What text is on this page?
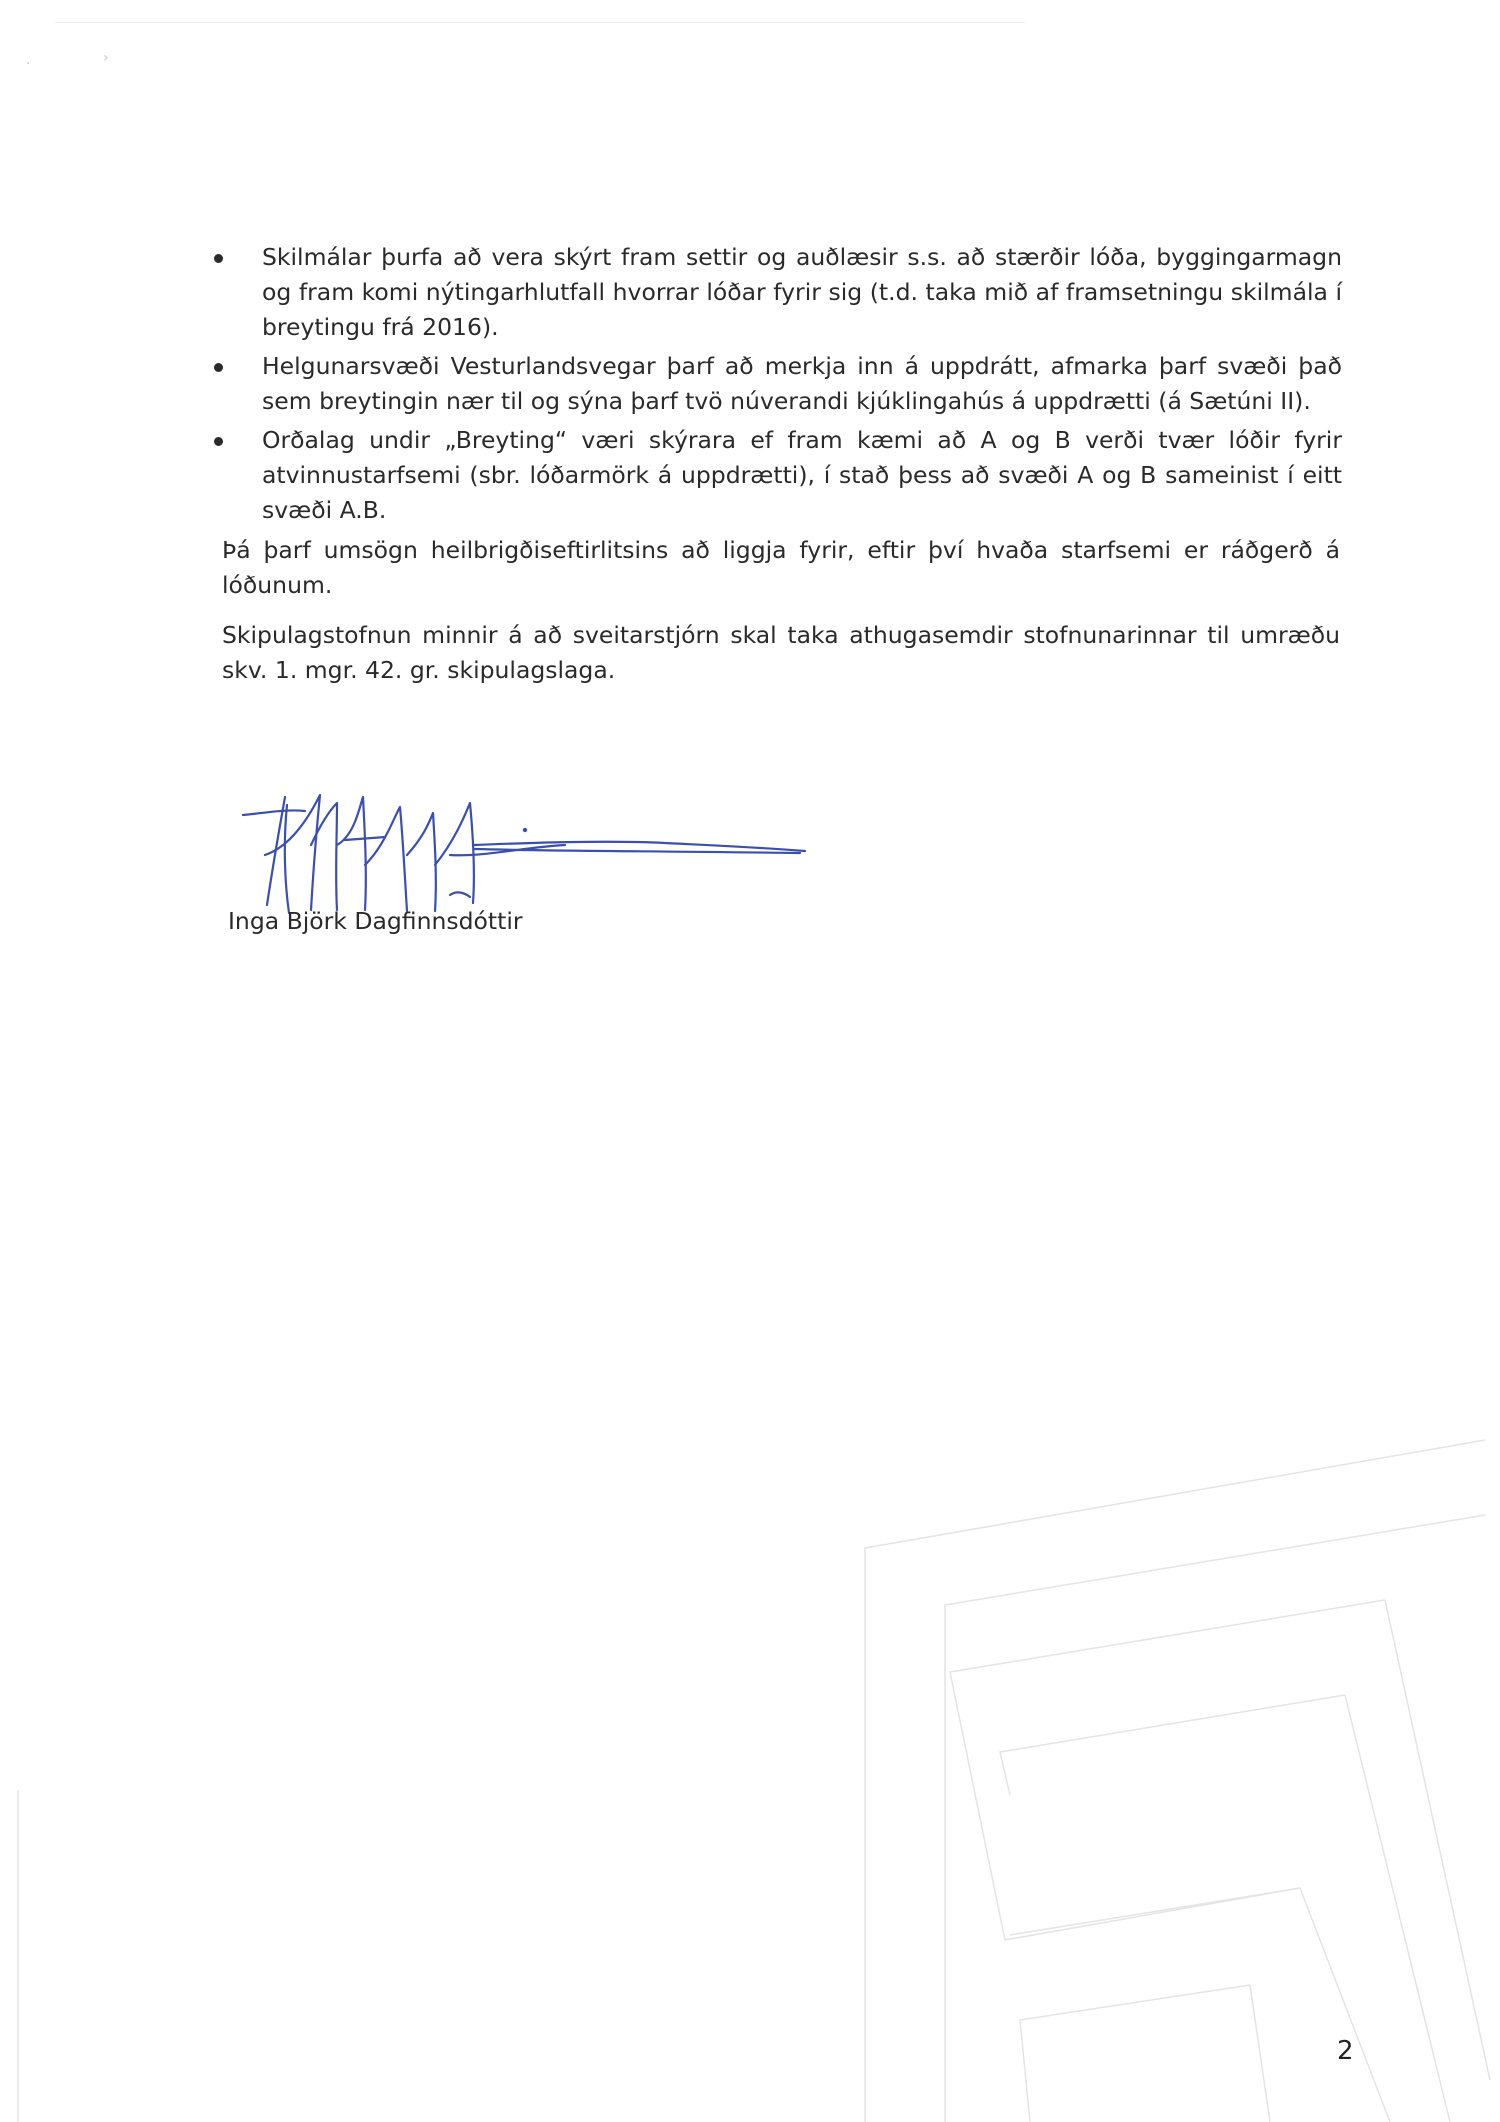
.	›
Skilmálar þurfa að vera skýrt fram settir og auðlæsir s.s. að stærðir lóða, byggingarmagn og fram komi nýtingarhlutfall hvorrar lóðar fyrir sig (t.d. taka mið af framsetningu skilmála í breytingu frá 2016).
Helgunarsvæði Vesturlandsvegar þarf að merkja inn á uppdrátt, afmarka þarf svæði það sem breytingin nær til og sýna þarf tvö núverandi kjúklingahús á uppdrætti (á Sætúni II).
Orðalag undir „Breyting“ væri skýrara ef fram kæmi að A og B verði tvær lóðir fyrir atvinnustarfsemi (sbr. lóðarmörk á uppdrætti), í stað þess að svæði A og B sameinist í eitt svæði A.B.

Þá þarf umsögn heilbrigðiseftirlitsins að liggja fyrir, eftir því hvaða starfsemi er ráðgerð á lóðunum.

Skipulagstofnun minnir á að sveitarstjórn skal taka athugasemdir stofnunarinnar til umræðu skv. 1. mgr. 42. gr. skipulagslaga.

Inga Björk Dagfinnsdóttir
2
